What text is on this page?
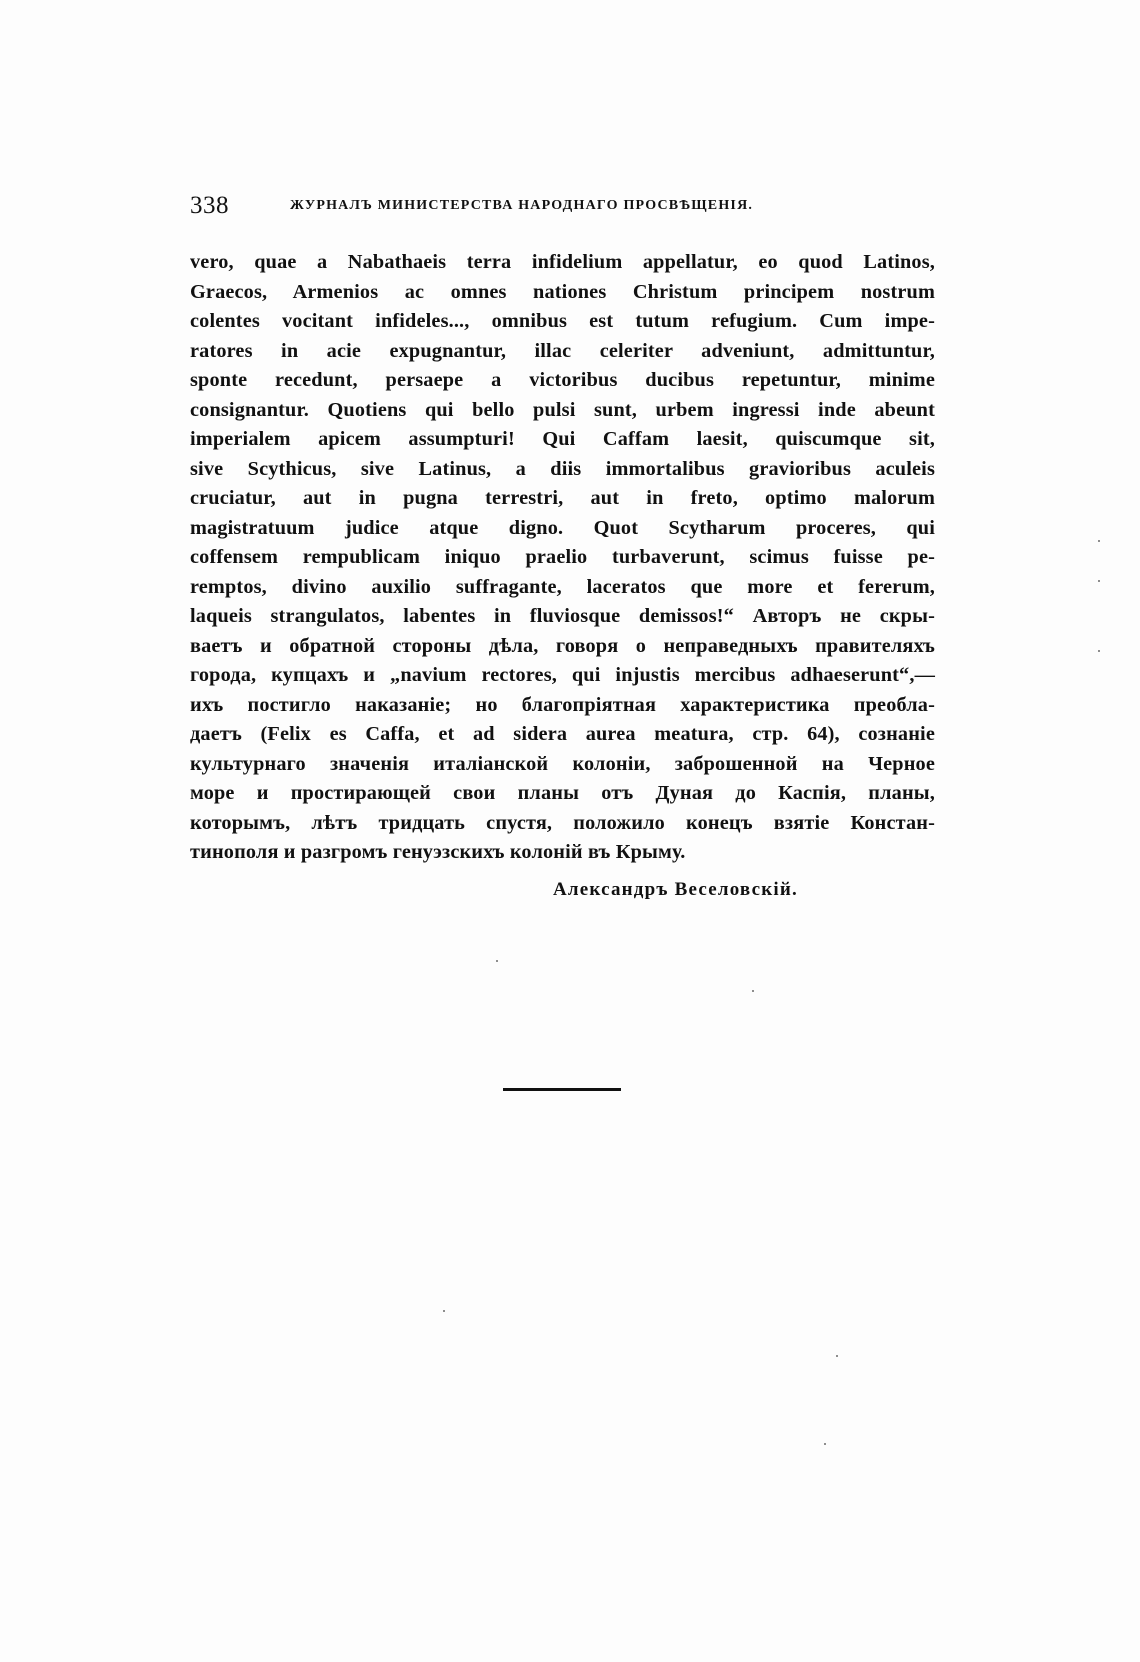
338	ЖУРНАЛЪ МИНИСТЕРСТВА НАРОДНАГО ПРОСВѢЩЕНІЯ.
vero, quae a Nabathaeis terra infidelium appellatur, eo quod Latinos,
Graecos, Armenios ac omnes nationes Christum principem nostrum
colentes vocitant infideles..., omnibus est tutum refugium. Cum impe-
ratores in acie expugnantur, illac celeriter adveniunt, admittuntur,
sponte recedunt, persaepe a victoribus ducibus repetuntur, minime
consignantur. Quotiens qui bello pulsi sunt, urbem ingressi inde abeunt
imperialem apicem assumpturi! Qui Caffam laesit, quiscumque sit,
sive Scythicus, sive Latinus, a diis immortalibus gravioribus aculeis
cruciatur, aut in pugna terrestri, aut in freto, optimo malorum
magistratuum judice atque digno. Quot Scytharum proceres, qui
coffensem rempublicam iniquo praelio turbaverunt, scimus fuisse pe-
remptos, divino auxilio suffragante, laceratos que more et fererum,
laqueis strangulatos, labentes in fluviosque demissos!“ Авторъ не скры-
ваетъ и обратной стороны дѣла, говоря о неправедныхъ правителяхъ
города, купцахъ и „navium rectores, qui injustis mercibus adhaeserunt“,—
ихъ постигло наказаніе; но благопріятная характеристика преобла-
даетъ (Felix es Caffa, et ad sidera aurea meatura, стр. 64), сознаніе
культурнаго значенія италіанской колоніи, заброшенной на Черное
море и простирающей свои планы отъ Дуная до Каспія, планы,
которымъ, лѣтъ тридцать спустя, положило конецъ взятіе Констан-
тинополя и разгромъ генуэзскихъ колоній въ Крыму.
Александръ Веселовскій.
